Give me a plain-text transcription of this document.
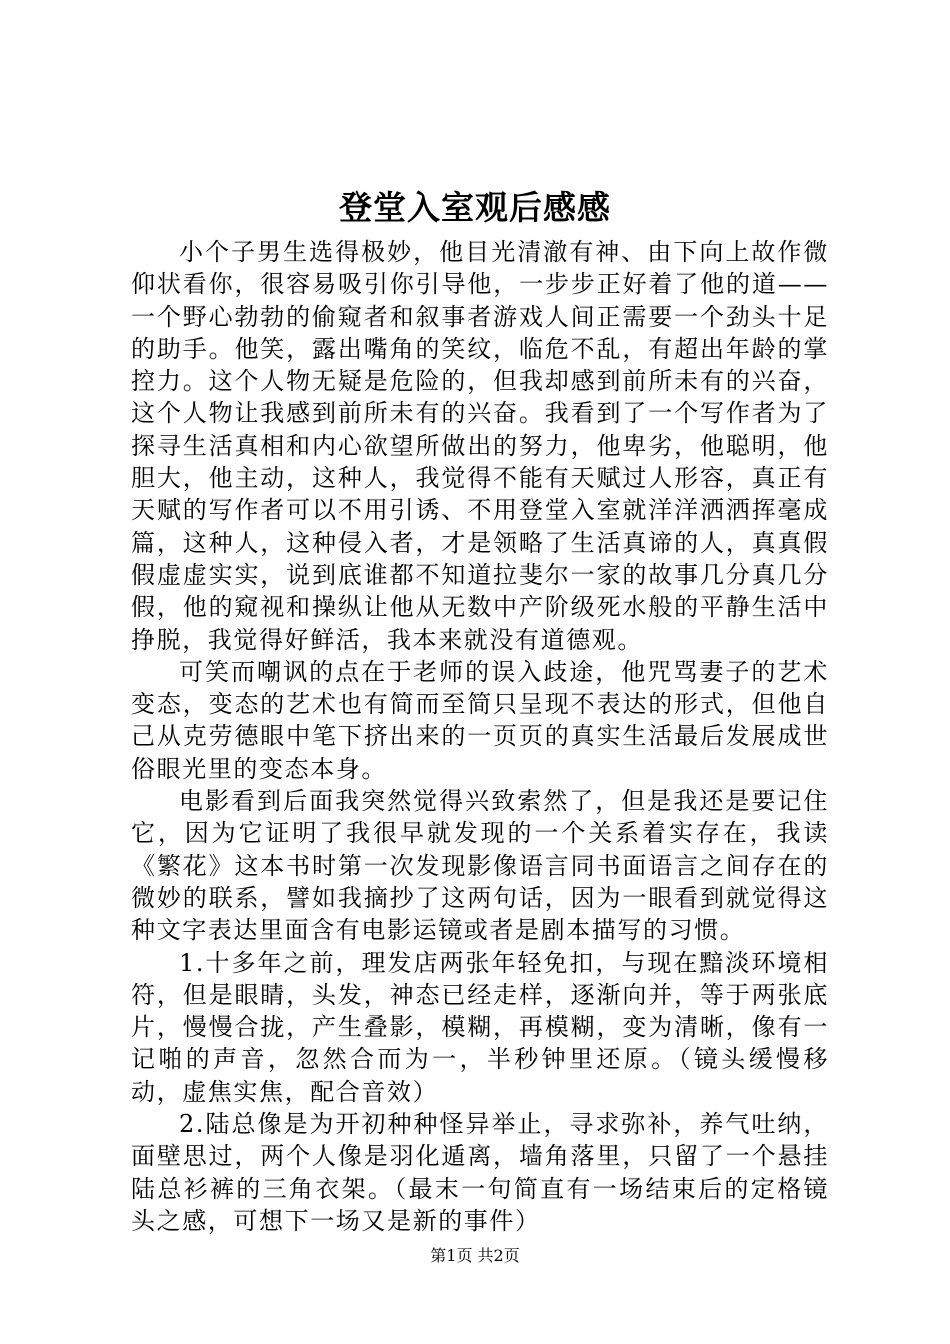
登堂入室观后感感

小个子男生选得极妙，他目光清澈有神、由下向上故作微仰状看你，很容易吸引你引导他，一步步正好着了他的道——一个野心勃勃的偷窥者和叙事者游戏人间正需要一个劲头十足的助手。他笑，露出嘴角的笑纹，临危不乱，有超出年龄的掌控力。这个人物无疑是危险的，但我却感到前所未有的兴奋，这个人物让我感到前所未有的兴奋。我看到了一个写作者为了探寻生活真相和内心欲望所做出的努力，他卑劣，他聪明，他胆大，他主动，这种人，我觉得不能有天赋过人形容，真正有天赋的写作者可以不用引诱、不用登堂入室就洋洋洒洒挥毫成篇，这种人，这种侵入者，才是领略了生活真谛的人，真真假假虚虚实实，说到底谁都不知道拉斐尔一家的故事几分真几分假，他的窥视和操纵让他从无数中产阶级死水般的平静生活中挣脱，我觉得好鲜活，我本来就没有道德观。

可笑而嘲讽的点在于老师的误入歧途，他咒骂妻子的艺术变态，变态的艺术也有简而至简只呈现不表达的形式，但他自己从克劳德眼中笔下挤出来的一页页的真实生活最后发展成世俗眼光里的变态本身。

电影看到后面我突然觉得兴致索然了，但是我还是要记住它，因为它证明了我很早就发现的一个关系着实存在，我读《繁花》这本书时第一次发现影像语言同书面语言之间存在的微妙的联系，譬如我摘抄了这两句话，因为一眼看到就觉得这种文字表达里面含有电影运镜或者是剧本描写的习惯。

1.十多年之前，理发店两张年轻免扣，与现在黯淡环境相符，但是眼睛，头发，神态已经走样，逐渐向并，等于两张底片，慢慢合拢，产生叠影，模糊，再模糊，变为清晰，像有一记啪的声音，忽然合而为一，半秒钟里还原。（镜头缓慢移动，虚焦实焦，配合音效）

2.陆总像是为开初种种怪异举止，寻求弥补，养气吐纳，面壁思过，两个人像是羽化遁离，墙角落里，只留了一个悬挂陆总衫裤的三角衣架。（最末一句简直有一场结束后的定格镜头之感，可想下一场又是新的事件）

第1页 共2页
